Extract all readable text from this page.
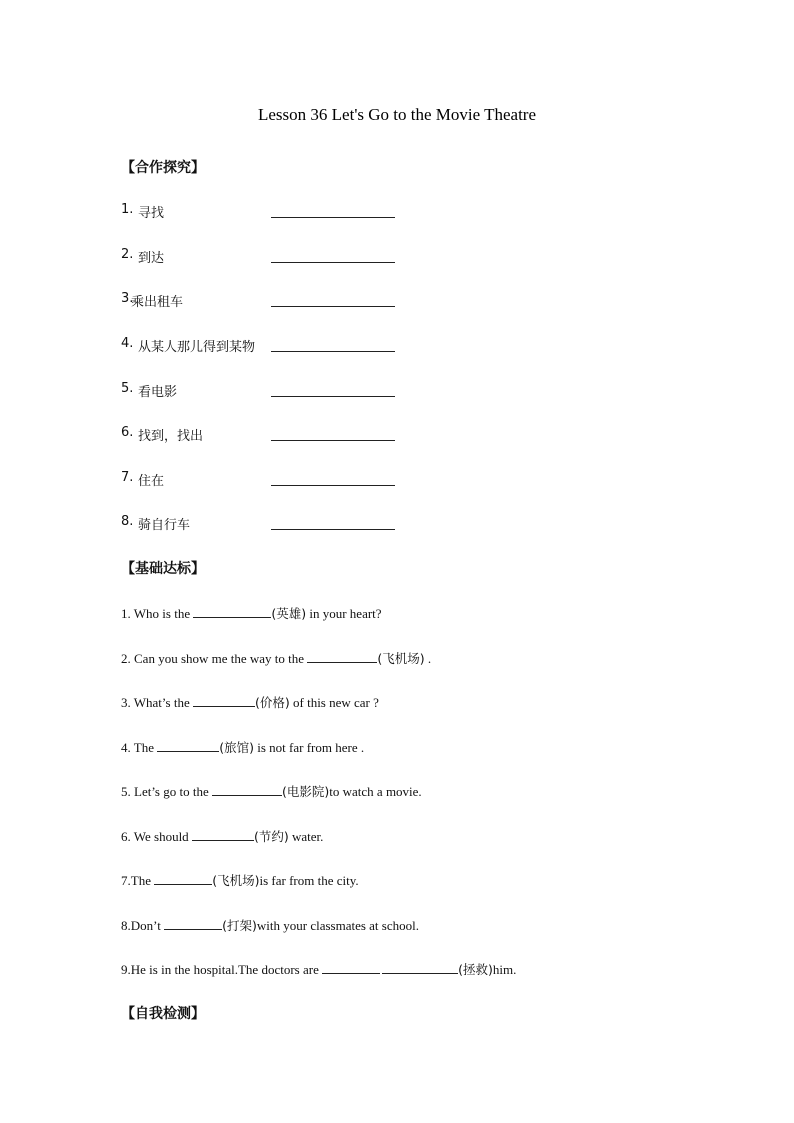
Lesson 36 Let's Go to the Movie Theatre
【合作探究】
1. 寻找
2. 到达
3.
乘出租车
4. 从某人那儿得到某物
5. 看电影
6. 找到，找出
7. 住在
8. 骑自行车
【基础达标】
1. Who is the	(英雄) in your heart?
2. Can you show me the way to the	(飞机场) .
3. What’s the	(价格) of this new car ?
4. The	(旅馆) is not far from here .
5. Let’s go to the	(电影院)to watch a movie.
6. We should	(节约) water.
7.The	(飞机场)is far from the city.
8.Don’t	(打架)with your classmates at school.
9.He is in the hospital.The doctors are	(拯救)him.
【自我检测】
